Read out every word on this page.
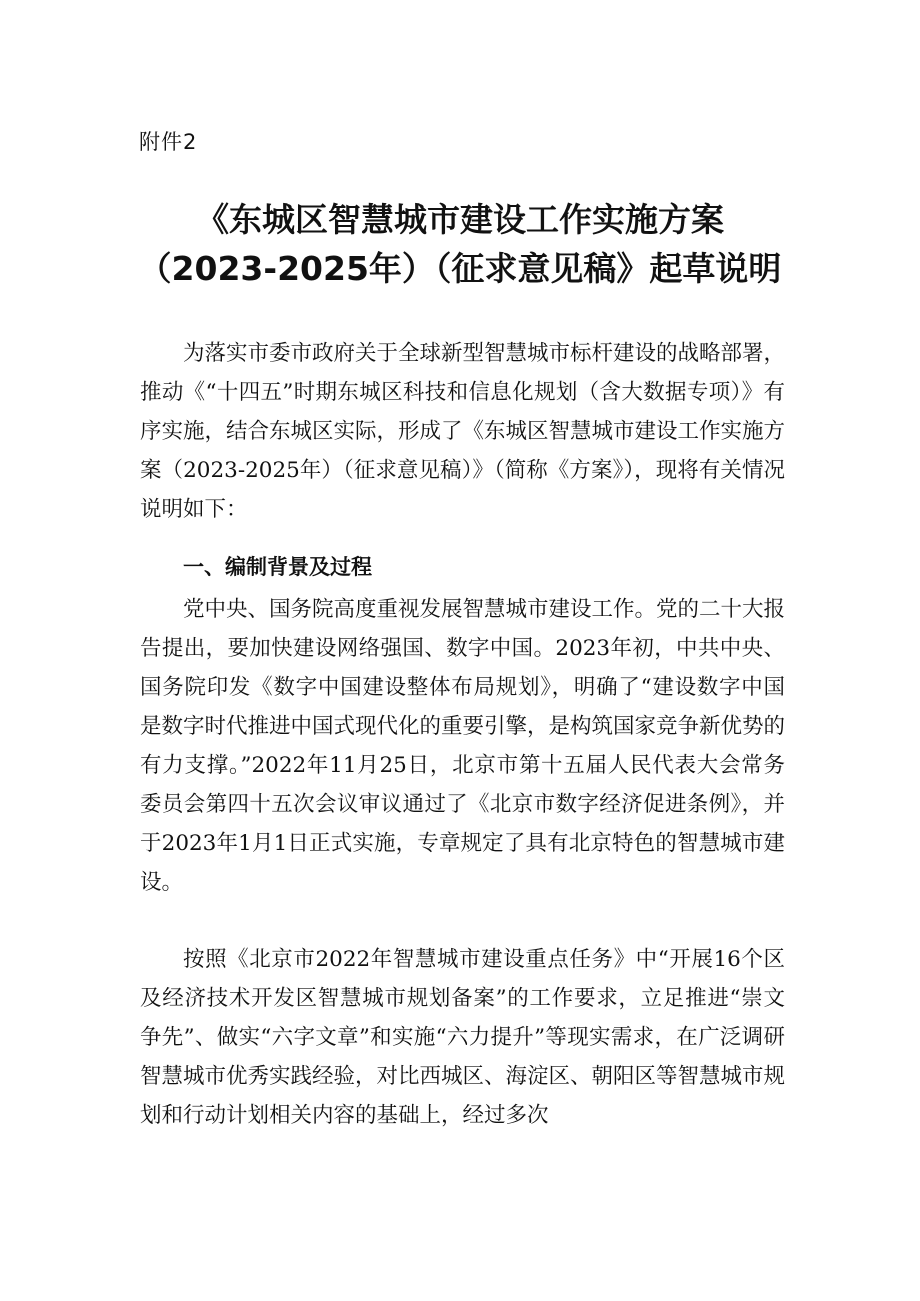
附件2
《东城区智慧城市建设工作实施方案
（2023-2025年）（征求意见稿》起草说明

为落实市委市政府关于全球新型智慧城市标杆建设的战略部署，推动《“十四五”时期东城区科技和信息化规划（含大数据专项）》有序实施，结合东城区实际，形成了《东城区智慧城市建设工作实施方案（2023-2025年）（征求意见稿）》（简称《方案》），现将有关情况说明如下：

一、编制背景及过程

党中央、国务院高度重视发展智慧城市建设工作。党的二十大报告提出，要加快建设网络强国、数字中国。2023年初，中共中央、国务院印发《数字中国建设整体布局规划》，明确了“建设数字中国是数字时代推进中国式现代化的重要引擎，是构筑国家竞争新优势的有力支撑。”2022年11月25日，北京市第十五届人民代表大会常务委员会第四十五次会议审议通过了《北京市数字经济促进条例》，并于2023年1月1日正式实施，专章规定了具有北京特色的智慧城市建设。

按照《北京市2022年智慧城市建设重点任务》中“开展16个区及经济技术开发区智慧城市规划备案”的工作要求，立足推进“崇文争先”、做实“六字文章”和实施“六力提升”等现实需求，在广泛调研智慧城市优秀实践经验，对比西城区、海淀区、朝阳区等智慧城市规划和行动计划相关内容的基础上，经过多次
